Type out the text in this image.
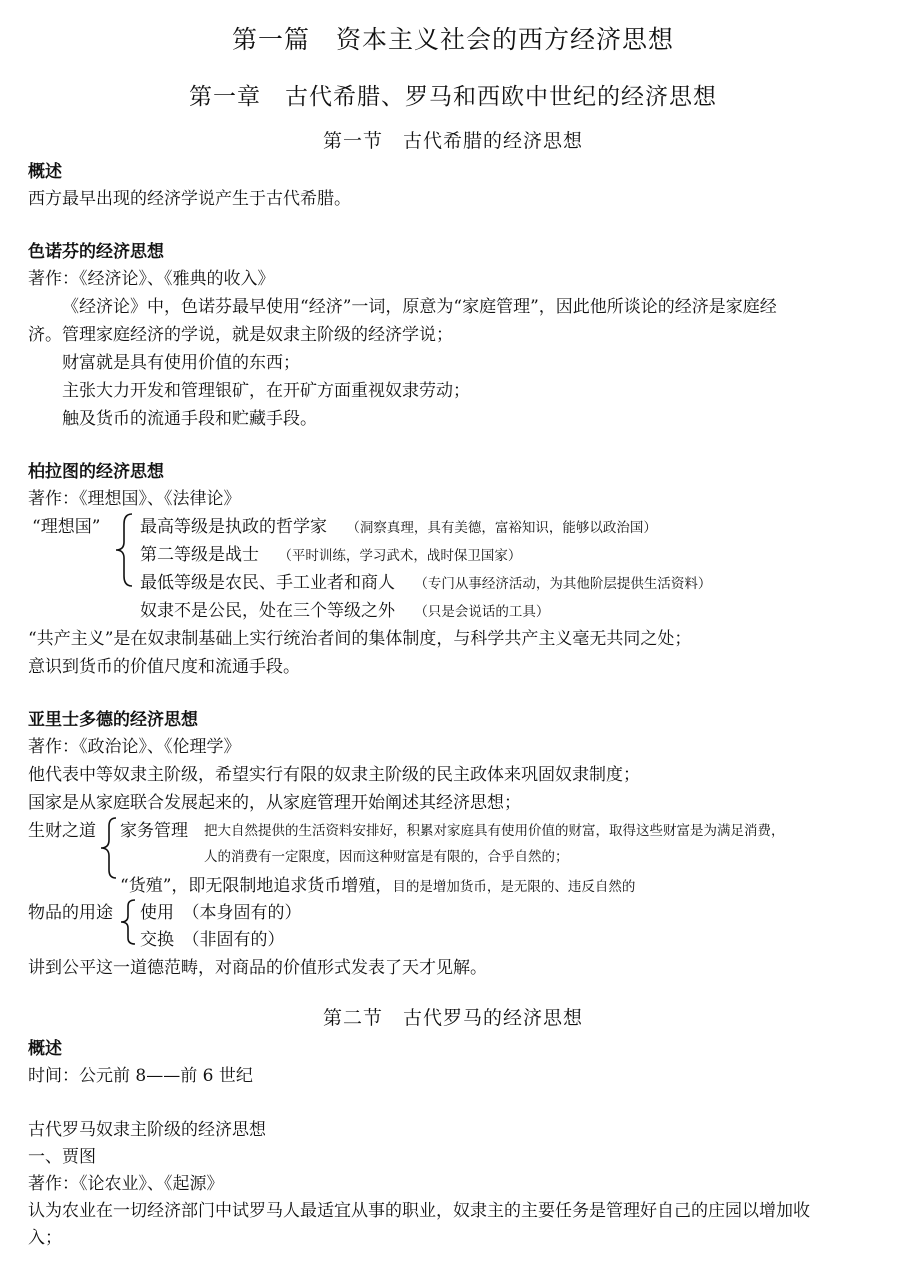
第一篇　资本主义社会的西方经济思想
第一章　古代希腊、罗马和西欧中世纪的经济思想
第一节　古代希腊的经济思想
概述
西方最早出现的经济学说产生于古代希腊。
色诺芬的经济思想
著作：《经济论》、《雅典的收入》
《经济论》中，色诺芬最早使用“经济”一词，原意为“家庭管理”，因此他所谈论的经济是家庭经
济。管理家庭经济的学说，就是奴隶主阶级的经济学说；
财富就是具有使用价值的东西；
主张大力开发和管理银矿，在开矿方面重视奴隶劳动；
触及货币的流通手段和贮藏手段。
柏拉图的经济思想
著作：《理想国》、《法律论》
“理想国” 最高等级是执政的哲学家 （洞察真理，具有美德，富裕知识，能够以政治国）
第二等级是战士 （平时训练，学习武术，战时保卫国家）
最低等级是农民、手工业者和商人 （专门从事经济活动，为其他阶层提供生活资料）
奴隶不是公民，处在三个等级之外 （只是会说话的工具）
“共产主义”是在奴隶制基础上实行统治者间的集体制度，与科学共产主义毫无共同之处；
意识到货币的价值尺度和流通手段。
亚里士多德的经济思想
著作：《政治论》、《伦理学》
他代表中等奴隶主阶级，希望实行有限的奴隶主阶级的民主政体来巩固奴隶制度；
国家是从家庭联合发展起来的，从家庭管理开始阐述其经济思想；
生财之道 家务管理 把大自然提供的生活资料安排好，积累对家庭具有使用价值的财富，取得这些财富是为满足消费，
人的消费有一定限度，因而这种财富是有限的，合乎自然的；
“货殖”，即无限制地追求货币增殖，目的是增加货币，是无限的、违反自然的
物品的用途 使用　（本身固有的）
交换　（非固有的）
讲到公平这一道德范畴，对商品的价值形式发表了天才见解。
第二节　古代罗马的经济思想
概述
时间：公元前 8——前 6 世纪
古代罗马奴隶主阶级的经济思想
一、贾图
著作：《论农业》、《起源》
认为农业在一切经济部门中试罗马人最适宜从事的职业，奴隶主的主要任务是管理好自己的庄园以增加收
入；
